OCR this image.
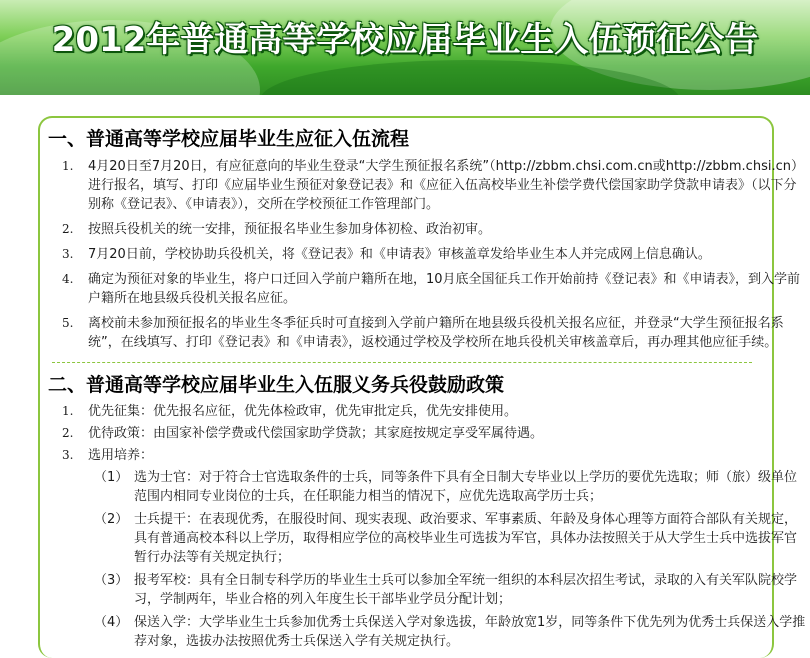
2012年普通高等学校应届毕业生入伍预征公告
一、普通高等学校应届毕业生应征入伍流程
1. 4月20日至7月20日，有应征意向的毕业生登录“大学生预征报名系统”（http://zbbm.chsi.com.cn或http://zbbm.chsi.cn）进行报名，填写、打印《应届毕业生预征对象登记表》和《应征入伍高校毕业生补偿学费代偿国家助学贷款申请表》（以下分别称《登记表》、《申请表》），交所在学校预征工作管理部门。
2. 按照兵役机关的统一安排，预征报名毕业生参加身体初检、政治初审。
3. 7月20日前，学校协助兵役机关，将《登记表》和《申请表》审核盖章发给毕业生本人并完成网上信息确认。
4. 确定为预征对象的毕业生，将户口迁回入学前户籍所在地，10月底全国征兵工作开始前持《登记表》和《申请表》，到入学前户籍所在地县级兵役机关报名应征。
5. 离校前未参加预征报名的毕业生冬季征兵时可直接到入学前户籍所在地县级兵役机关报名应征，并登录“大学生预征报名系统”，在线填写、打印《登记表》和《申请表》，返校通过学校及学校所在地兵役机关审核盖章后，再办理其他应征手续。
二、普通高等学校应届毕业生入伍服义务兵役鼓励政策
1. 优先征集：优先报名应征，优先体检政审，优先审批定兵，优先安排使用。
2. 优待政策：由国家补偿学费或代偿国家助学贷款；其家庭按规定享受军属待遇。
3. 选用培养：
（1） 选为士官：对于符合士官选取条件的士兵，同等条件下具有全日制大专毕业以上学历的要优先选取；师（旅）级单位范围内相同专业岗位的士兵，在任职能力相当的情况下，应优先选取高学历士兵；
（2） 士兵提干：在表现优秀，在服役时间、现实表现、政治要求、军事素质、年龄及身体心理等方面符合部队有关规定，具有普通高校本科以上学历，取得相应学位的高校毕业生可选拔为军官，具体办法按照关于从大学生士兵中选拔军官暂行办法等有关规定执行；
（3） 报考军校：具有全日制专科学历的毕业生士兵可以参加全军统一组织的本科层次招生考试，录取的入有关军队院校学习，学制两年，毕业合格的列入年度生长干部毕业学员分配计划；
（4） 保送入学：大学毕业生士兵参加优秀士兵保送入学对象选拔，年龄放宽1岁，同等条件下优先列为优秀士兵保送入学推荐对象，选拔办法按照优秀士兵保送入学有关规定执行。
